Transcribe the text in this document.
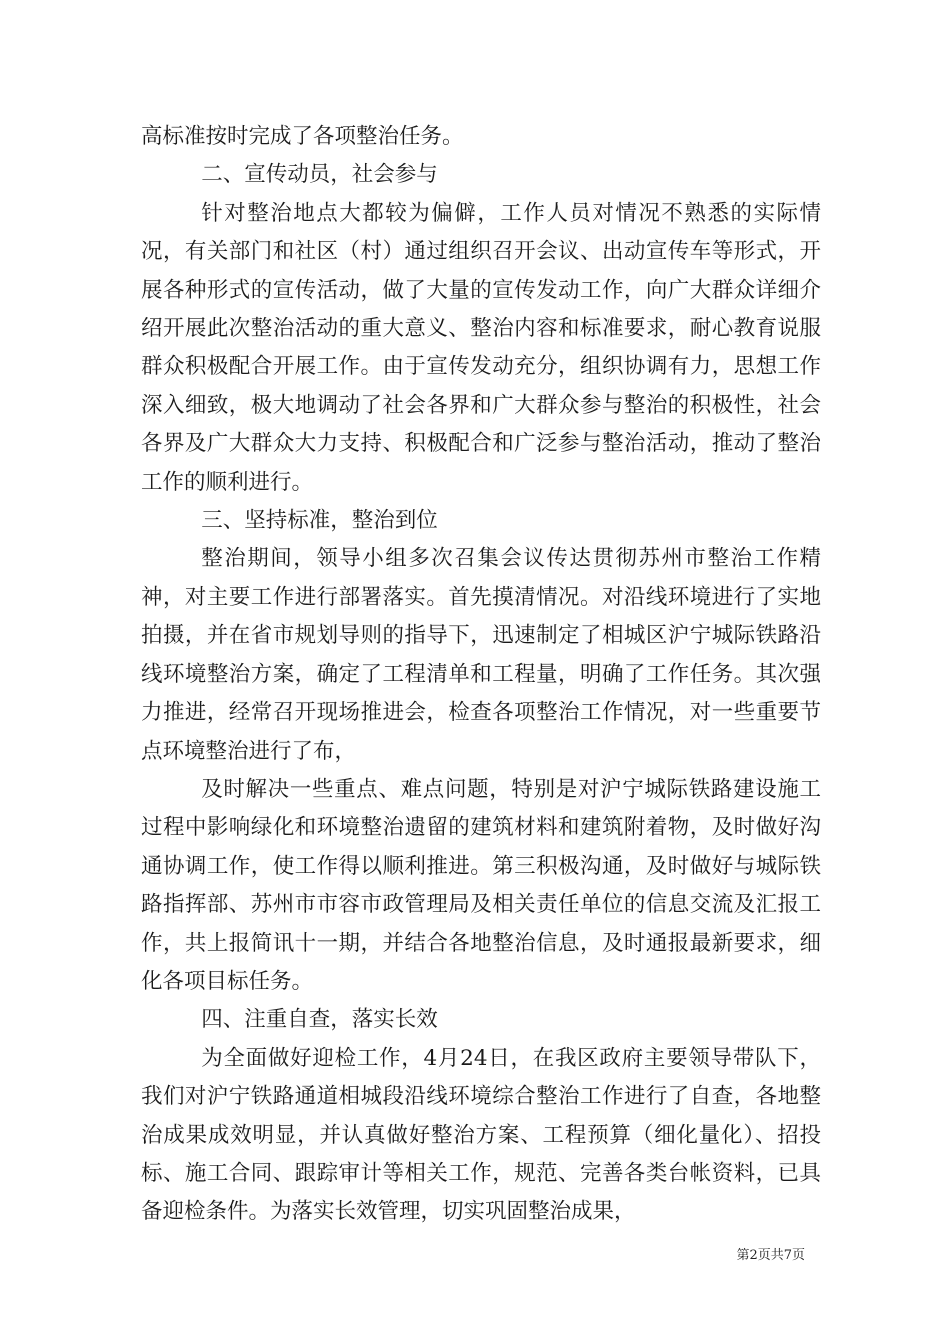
高标准按时完成了各项整治任务。

二、宣传动员，社会参与

针对整治地点大都较为偏僻，工作人员对情况不熟悉的实际情况，有关部门和社区（村）通过组织召开会议、出动宣传车等形式，开展各种形式的宣传活动，做了大量的宣传发动工作，向广大群众详细介绍开展此次整治活动的重大意义、整治内容和标准要求，耐心教育说服群众积极配合开展工作。由于宣传发动充分，组织协调有力，思想工作深入细致，极大地调动了社会各界和广大群众参与整治的积极性，社会各界及广大群众大力支持、积极配合和广泛参与整治活动，推动了整治工作的顺利进行。

三、坚持标准，整治到位

整治期间，领导小组多次召集会议传达贯彻苏州市整治工作精神，对主要工作进行部署落实。首先摸清情况。对沿线环境进行了实地拍摄，并在省市规划导则的指导下，迅速制定了相城区沪宁城际铁路沿线环境整治方案，确定了工程清单和工程量，明确了工作任务。其次强力推进，经常召开现场推进会，检查各项整治工作情况，对一些重要节点环境整治进行了布，

及时解决一些重点、难点问题，特别是对沪宁城际铁路建设施工过程中影响绿化和环境整治遗留的建筑材料和建筑附着物，及时做好沟通协调工作，使工作得以顺利推进。第三积极沟通，及时做好与城际铁路指挥部、苏州市市容市政管理局及相关责任单位的信息交流及汇报工作，共上报简讯十一期，并结合各地整治信息，及时通报最新要求，细化各项目标任务。

四、注重自查，落实长效

为全面做好迎检工作，4月24日，在我区政府主要领导带队下，我们对沪宁铁路通道相城段沿线环境综合整治工作进行了自查，各地整治成果成效明显，并认真做好整治方案、工程预算（细化量化）、招投标、施工合同、跟踪审计等相关工作，规范、完善各类台帐资料，已具备迎检条件。为落实长效管理，切实巩固整治成果，

第2页共7页
